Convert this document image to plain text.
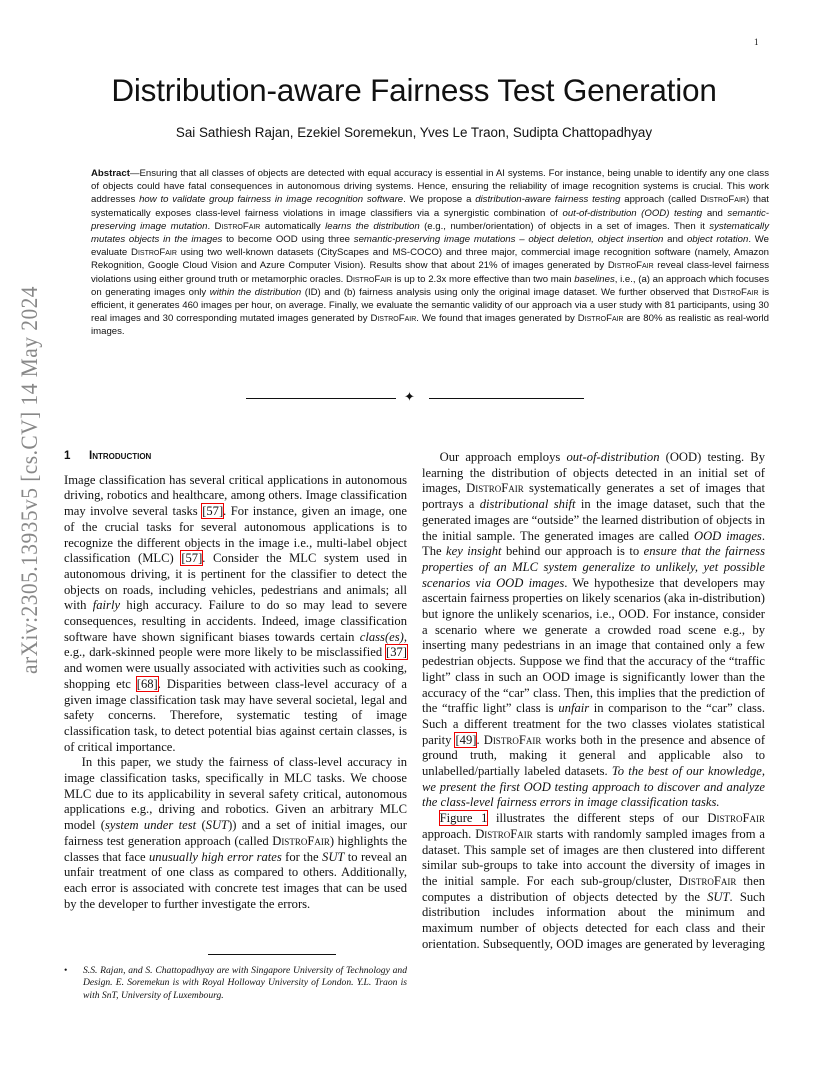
1
arXiv:2305.13935v5 [cs.CV] 14 May 2024
Distribution-aware Fairness Test Generation
Sai Sathiesh Rajan, Ezekiel Soremekun, Yves Le Traon, Sudipta Chattopadhyay

Abstract—Ensuring that all classes of objects are detected with equal accuracy is essential in AI systems. For instance, being unable to identify any one class of objects could have fatal consequences in autonomous driving systems. Hence, ensuring the reliability of image recognition systems is crucial. This work addresses how to validate group fairness in image recognition software. We propose a distribution-aware fairness testing approach (called DistroFair) that systematically exposes class-level fairness violations in image classifiers via a synergistic combination of out-of-distribution (OOD) testing and semantic-preserving image mutation. DistroFair automatically learns the distribution (e.g., number/orientation) of objects in a set of images. Then it systematically mutates objects in the images to become OOD using three semantic-preserving image mutations – object deletion, object insertion and object rotation. We evaluate DistroFair using two well-known datasets (CityScapes and MS-COCO) and three major, commercial image recognition software (namely, Amazon Rekognition, Google Cloud Vision and Azure Computer Vision). Results show that about 21% of images generated by DistroFair reveal class-level fairness violations using either ground truth or metamorphic oracles. DistroFair is up to 2.3x more effective than two main baselines, i.e., (a) an approach which focuses on generating images only within the distribution (ID) and (b) fairness analysis using only the original image dataset. We further observed that DistroFair is efficient, it generates 460 images per hour, on average. Finally, we evaluate the semantic validity of our approach via a user study with 81 participants, using 30 real images and 30 corresponding mutated images generated by DistroFair. We found that images generated by DistroFair are 80% as realistic as real-world images.

✦
1 Introduction

Image classification has several critical applications in autonomous driving, robotics and healthcare, among others. Image classification may involve several tasks [57]. For instance, given an image, one of the crucial tasks for several autonomous applications is to recognize the different objects in the image i.e., multi-label object classification (MLC) [57]. Consider the MLC system used in autonomous driving, it is pertinent for the classifier to detect the objects on roads, including vehicles, pedestrians and animals; all with fairly high accuracy. Failure to do so may lead to severe consequences, resulting in accidents. Indeed, image classification software have shown significant biases towards certain class(es), e.g., dark-skinned people were more likely to be misclassified [37] and women were usually associated with activities such as cooking, shopping etc [68]. Disparities between class-level accuracy of a given image classification task may have several societal, legal and safety concerns. Therefore, systematic testing of image classification task, to detect potential bias against certain classes, is of critical importance.

In this paper, we study the fairness of class-level accuracy in image classification tasks, specifically in MLC tasks. We choose MLC due to its applicability in several safety critical, autonomous applications e.g., driving and robotics. Given an arbitrary MLC model (system under test (SUT)) and a set of initial images, our fairness test generation approach (called DistroFair) highlights the classes that face unusually high error rates for the SUT to reveal an unfair treatment of one class as compared to others. Additionally, each error is associated with concrete test images that can be used by the developer to further investigate the errors.

Our approach employs out-of-distribution (OOD) testing. By learning the distribution of objects detected in an initial set of images, DistroFair systematically generates a set of images that portrays a distributional shift in the image dataset, such that the generated images are “outside” the learned distribution of objects in the initial sample. The generated images are called OOD images. The key insight behind our approach is to ensure that the fairness properties of an MLC system generalize to unlikely, yet possible scenarios via OOD images. We hypothesize that developers may ascertain fairness properties on likely scenarios (aka in-distribution) but ignore the unlikely scenarios, i.e., OOD. For instance, consider a scenario where we generate a crowded road scene e.g., by inserting many pedestrians in an image that contained only a few pedestrian objects. Suppose we find that the accuracy of the “traffic light” class in such an OOD image is significantly lower than the accuracy of the “car” class. Then, this implies that the prediction of the “traffic light” class is unfair in comparison to the “car” class. Such a different treatment for the two classes violates statistical parity [49]. DistroFair works both in the presence and absence of ground truth, making it general and applicable also to unlabelled/partially labeled datasets. To the best of our knowledge, we present the first OOD testing approach to discover and analyze the class-level fairness errors in image classification tasks.

Figure 1 illustrates the different steps of our DistroFair approach. DistroFair starts with randomly sampled images from a dataset. This sample set of images are then clustered into different similar sub-groups to take into account the diversity of images in the initial sample. For each sub-group/cluster, DistroFair then computes a distribution of objects detected by the SUT. Such distribution includes information about the minimum and maximum number of objects detected for each class and their orientation. Subsequently, OOD images are generated by leveraging

• S.S. Rajan, and S. Chattopadhyay are with Singapore University of Technology and Design. E. Soremekun is with Royal Holloway University of London. Y.L. Traon is with SnT, University of Luxembourg.
